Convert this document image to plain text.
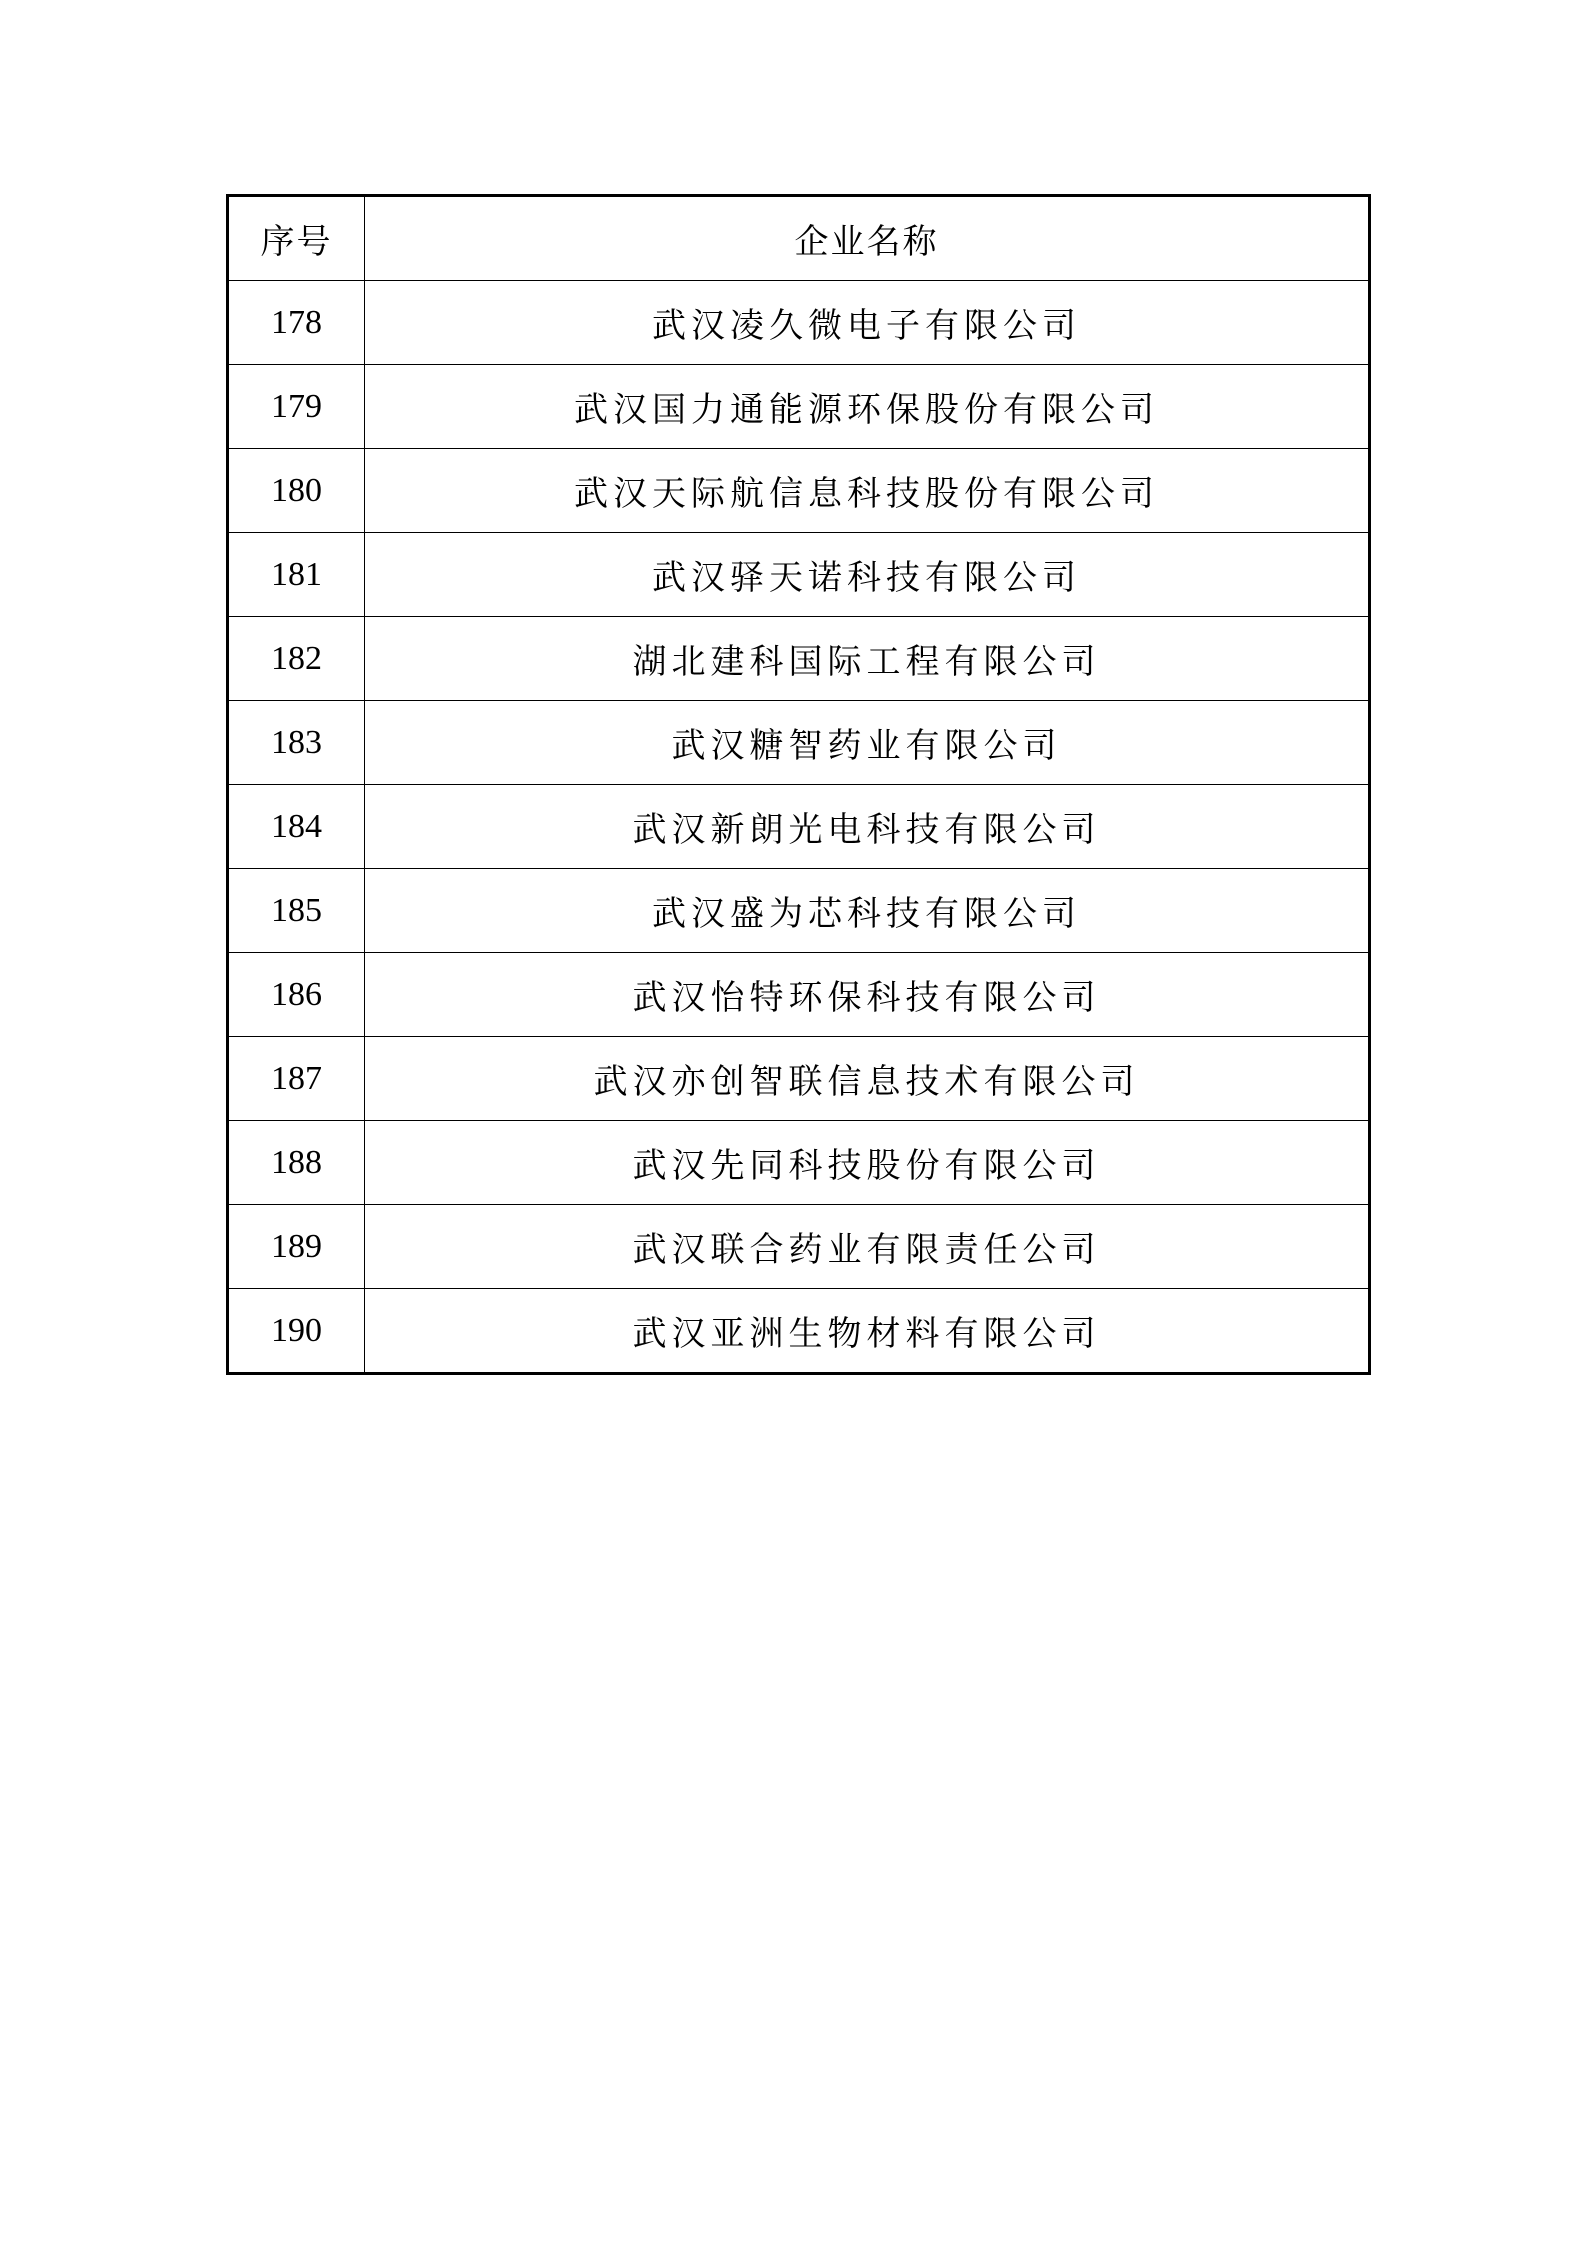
序号	企业名称
178	武汉凌久微电子有限公司
179	武汉国力通能源环保股份有限公司
180	武汉天际航信息科技股份有限公司
181	武汉驿天诺科技有限公司
182	湖北建科国际工程有限公司
183	武汉糖智药业有限公司
184	武汉新朗光电科技有限公司
185	武汉盛为芯科技有限公司
186	武汉怡特环保科技有限公司
187	武汉亦创智联信息技术有限公司
188	武汉先同科技股份有限公司
189	武汉联合药业有限责任公司
190	武汉亚洲生物材料有限公司
